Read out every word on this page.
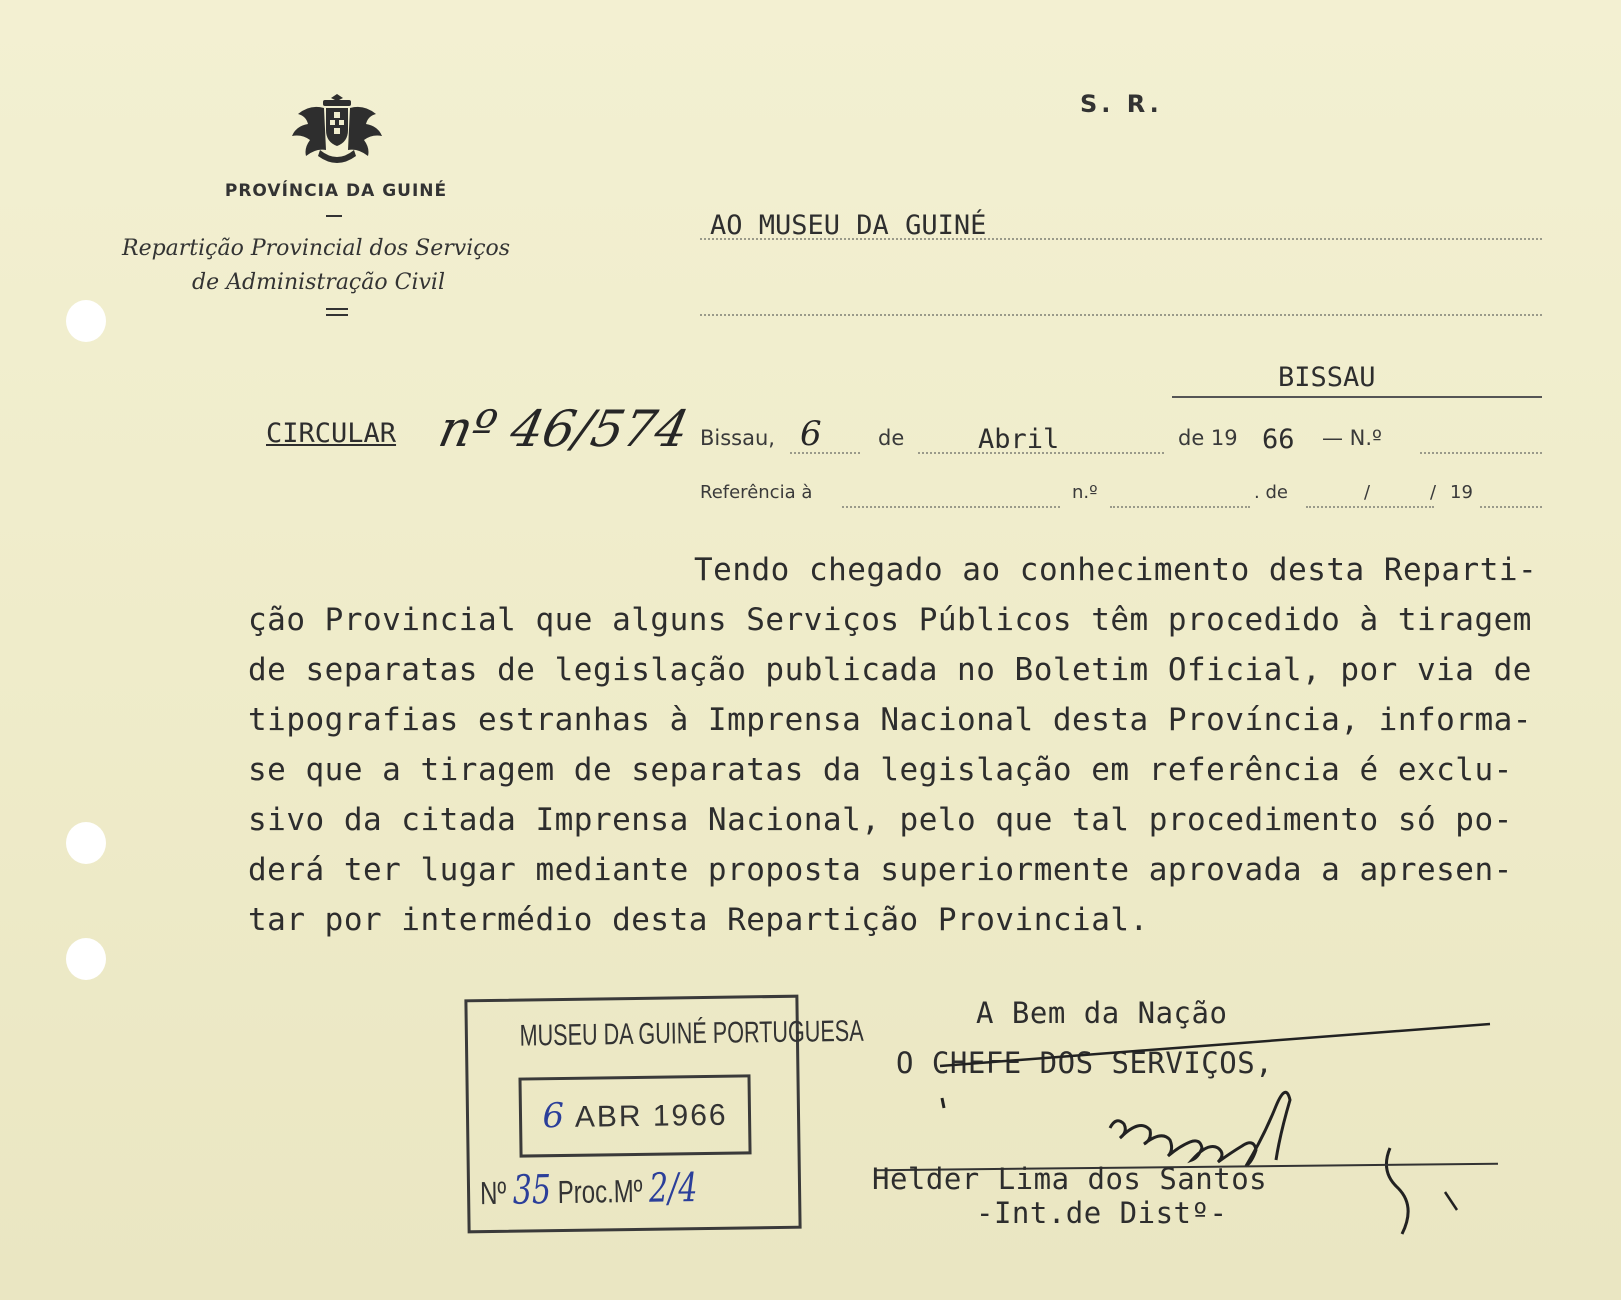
PROVÍNCIA DA GUINÉ
Repartição Provincial dos Serviços
de Administração Civil
S. R.
AO MUSEU DA GUINÉ
BISSAU
CIRCULAR nº 46/574 Bissau, 6	de	Abril	de 19 66 — N.º
Referência à	n.º	. de	/	/ 19
Tendo chegado ao conhecimento desta Reparti-
ção Provincial que alguns Serviços Públicos têm procedido à tiragem
de separatas de legislação publicada no Boletim Oficial, por via de
tipografias estranhas à Imprensa Nacional desta Província, informa-
se que a tiragem de separatas da legislação em referência é exclu-
sivo da citada Imprensa Nacional, pelo que tal procedimento só po-
derá ter lugar mediante proposta superiormente aprovada a apresen-
tar por intermédio desta Repartição Provincial.
MUSEU DA GUINÉ PORTUGUESA
6 ABR 1966
Nº 35 Proc.Mº 2/4
A Bem da Nação
O CHEFE DOS SERVIÇOS,
Helder Lima dos Santos
-Int.de Distº-
